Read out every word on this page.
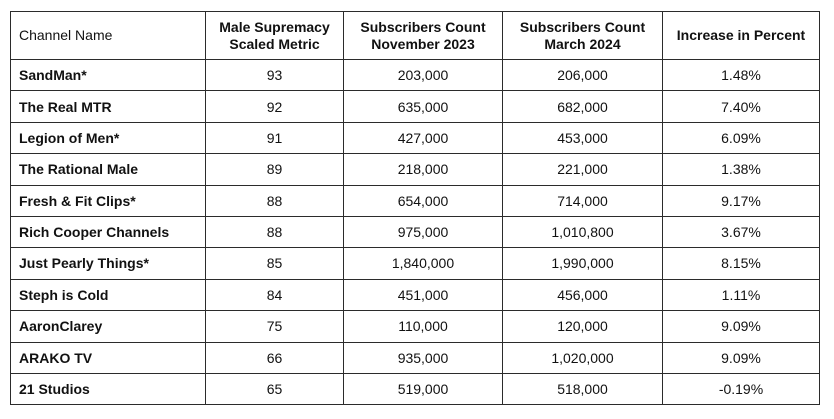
Channel Name	Male Supremacy Scaled Metric	Subscribers Count November 2023	Subscribers Count March 2024	Increase in Percent
SandMan*	93	203,000	206,000	1.48%
The Real MTR	92	635,000	682,000	7.40%
Legion of Men*	91	427,000	453,000	6.09%
The Rational Male	89	218,000	221,000	1.38%
Fresh & Fit Clips*	88	654,000	714,000	9.17%
Rich Cooper Channels	88	975,000	1,010,800	3.67%
Just Pearly Things*	85	1,840,000	1,990,000	8.15%
Steph is Cold	84	451,000	456,000	1.11%
AaronClarey	75	110,000	120,000	9.09%
ARAKO TV	66	935,000	1,020,000	9.09%
21 Studios	65	519,000	518,000	-0.19%
